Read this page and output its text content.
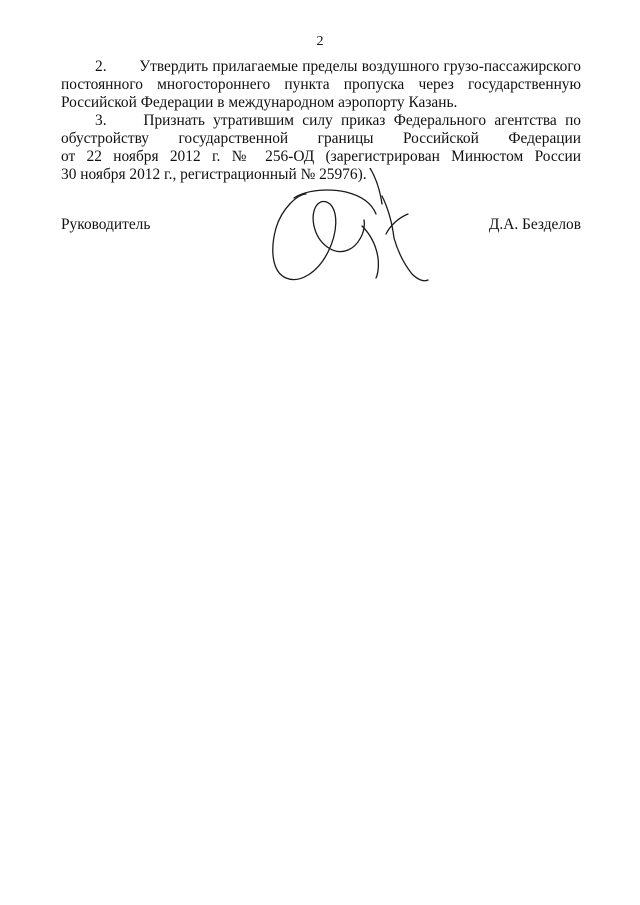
2
2. Утвердить прилагаемые пределы воздушного грузо-пассажирского
постоянного многостороннего пункта пропуска через государственную
Российской Федерации в международном аэропорту Казань.
3. Признать утратившим силу приказ Федерального агентства по
обустройству государственной границы Российской Федерации
от 22 ноября 2012 г. № 256-ОД (зарегистрирован Минюстом России
30 ноября 2012 г., регистрационный № 25976).
Руководитель	Д.А. Безделов
